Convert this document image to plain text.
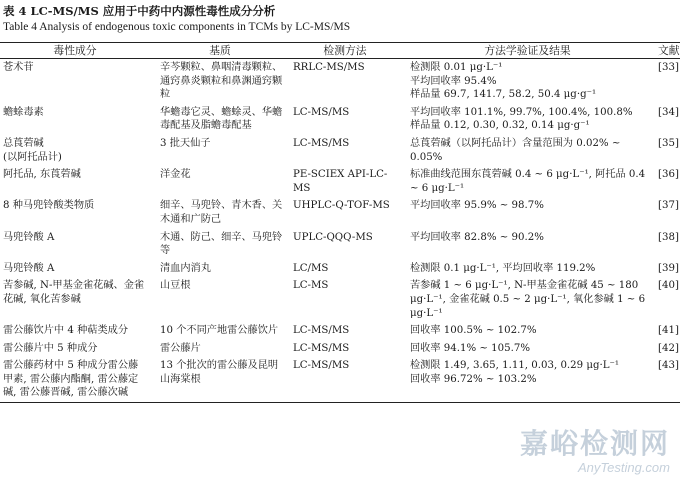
表 4 LC-MS/MS 应用于中药中内源性毒性成分分析
Table 4 Analysis of endogenous toxic components in TCMs by LC-MS/MS
毒性成分	基质	检测方法	方法学验证及结果	文献
苍术苷	辛芩颗粒、鼻咽清毒颗粒、通窍鼻炎颗粒和鼻渊通窍颗粒	RRLC-MS/MS	检测限 0.01 μg·L⁻¹
平均回收率 95.4%
样品量 69.7, 141.7, 58.2, 50.4 μg·g⁻¹	[33]
蟾蜍毒素	华蟾毒它灵、蟾蜍灵、华蟾毒配基及脂蟾毒配基	LC-MS/MS	平均回收率 101.1%, 99.7%, 100.4%, 100.8%
样品量 0.12, 0.30, 0.32, 0.14 μg·g⁻¹	[34]
总莨菪碱
(以阿托品计)	3 批天仙子	LC-MS/MS	总莨菪碱（以阿托品计）含量范围为 0.02% ~ 0.05%	[35]
阿托品, 东莨菪碱	洋金花	PE-SCIEX API-LC-MS	标准曲线范围东莨菪碱 0.4 ~ 6 μg·L⁻¹, 阿托品 0.4 ~ 6 μg·L⁻¹	[36]
8 种马兜铃酸类物质	细辛、马兜铃、青木香、关木通和广防己	UHPLC-Q-TOF-MS	平均回收率 95.9% ~ 98.7%	[37]
马兜铃酸 A	木通、防己、细辛、马兜铃等	UPLC-QQQ-MS	平均回收率 82.8% ~ 90.2%	[38]
马兜铃酸 A	清血内消丸	LC/MS	检测限 0.1 μg·L⁻¹, 平均回收率 119.2%	[39]
苦参碱, N-甲基金雀花碱、金雀花碱, 氧化苦参碱	山豆根	LC-MS	苦参碱 1 ~ 6 μg·L⁻¹, N-甲基金雀花碱 45 ~ 180 μg·L⁻¹, 金雀花碱 0.5 ~ 2 μg·L⁻¹, 氧化参碱 1 ~ 6 μg·L⁻¹	[40]
雷公藤饮片中 4 种萜类成分	10 个不同产地雷公藤饮片	LC-MS/MS	回收率 100.5% ~ 102.7%	[41]
雷公藤片中 5 种成分	雷公藤片	LC-MS/MS	回收率 94.1% ~ 105.7%	[42]
雷公藤药材中 5 种成分雷公藤甲素, 雷公藤内酯酮, 雷公藤定碱, 雷公藤晋碱, 雷公藤次碱	13 个批次的雷公藤及昆明山海棠根	LC-MS/MS	检测限 1.49, 3.65, 1.11, 0.03, 0.29 μg·L⁻¹
回收率 96.72% ~ 103.2%	[43]
嘉峪检测网
AnyTesting.com
